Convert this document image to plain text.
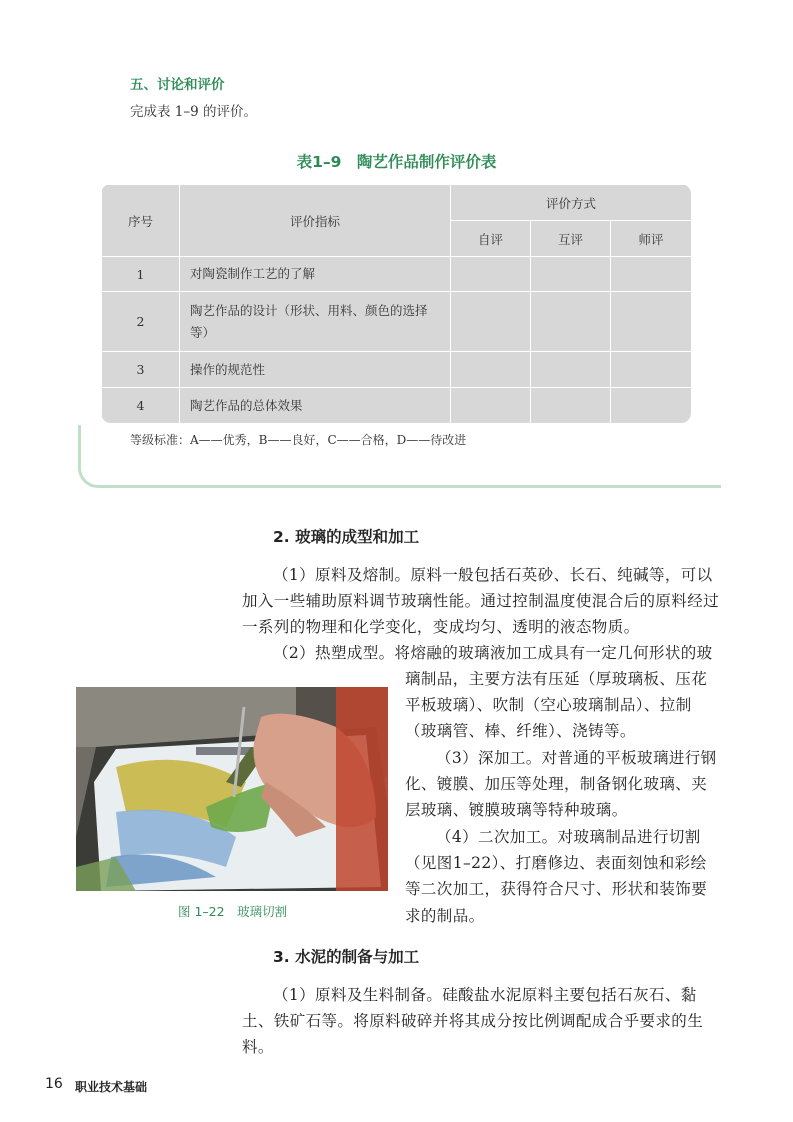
五、讨论和评价
完成表 1–9 的评价。
表1–9　陶艺作品制作评价表
序号	评价指标	评价方式		
		自评	互评	师评
1	对陶瓷制作工艺的了解			
2	陶艺作品的设计（形状、用料、颜色的选择等）			
3	操作的规范性			
4	陶艺作品的总体效果			
等级标准：A——优秀，B——良好，C——合格，D——待改进
2. 玻璃的成型和加工
（1）原料及熔制。原料一般包括石英砂、长石、纯碱等，可以加入一些辅助原料调节玻璃性能。通过控制温度使混合后的原料经过一系列的物理和化学变化，变成均匀、透明的液态物质。
（2）热塑成型。将熔融的玻璃液加工成具有一定几何形状的玻
璃制品，主要方法有压延（厚玻璃板、压花平板玻璃）、吹制（空心玻璃制品）、拉制（玻璃管、棒、纤维）、浇铸等。
（3）深加工。对普通的平板玻璃进行钢化、镀膜、加压等处理，制备钢化玻璃、夹层玻璃、镀膜玻璃等特种玻璃。
（4）二次加工。对玻璃制品进行切割（见图1–22）、打磨修边、表面刻蚀和彩绘等二次加工，获得符合尺寸、形状和装饰要求的制品。
图 1–22　玻璃切割
3. 水泥的制备与加工
（1）原料及生料制备。硅酸盐水泥原料主要包括石灰石、黏土、铁矿石等。将原料破碎并将其成分按比例调配成合乎要求的生料。
16 职业技术基础
